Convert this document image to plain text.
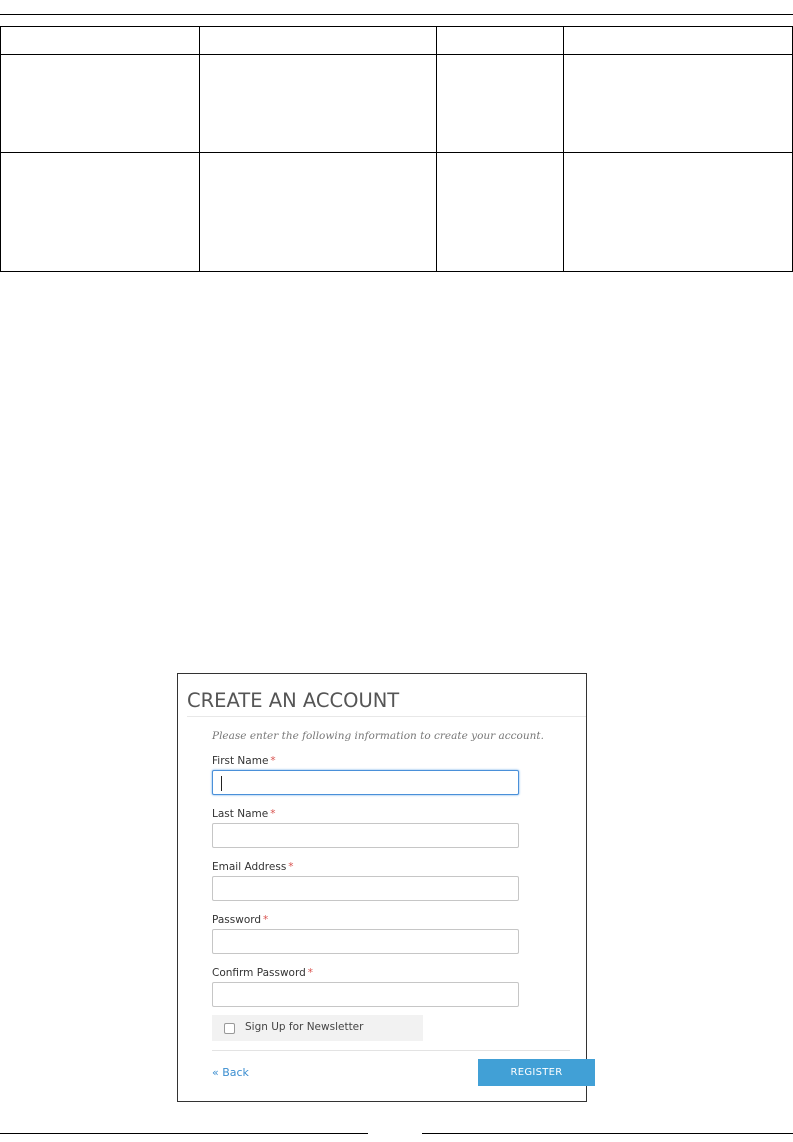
CREATE AN ACCOUNT
Please enter the following information to create your account.
First Name *
Last Name *
Email Address *
Password *
Confirm Password *
Sign Up for Newsletter
« Back	REGISTER
